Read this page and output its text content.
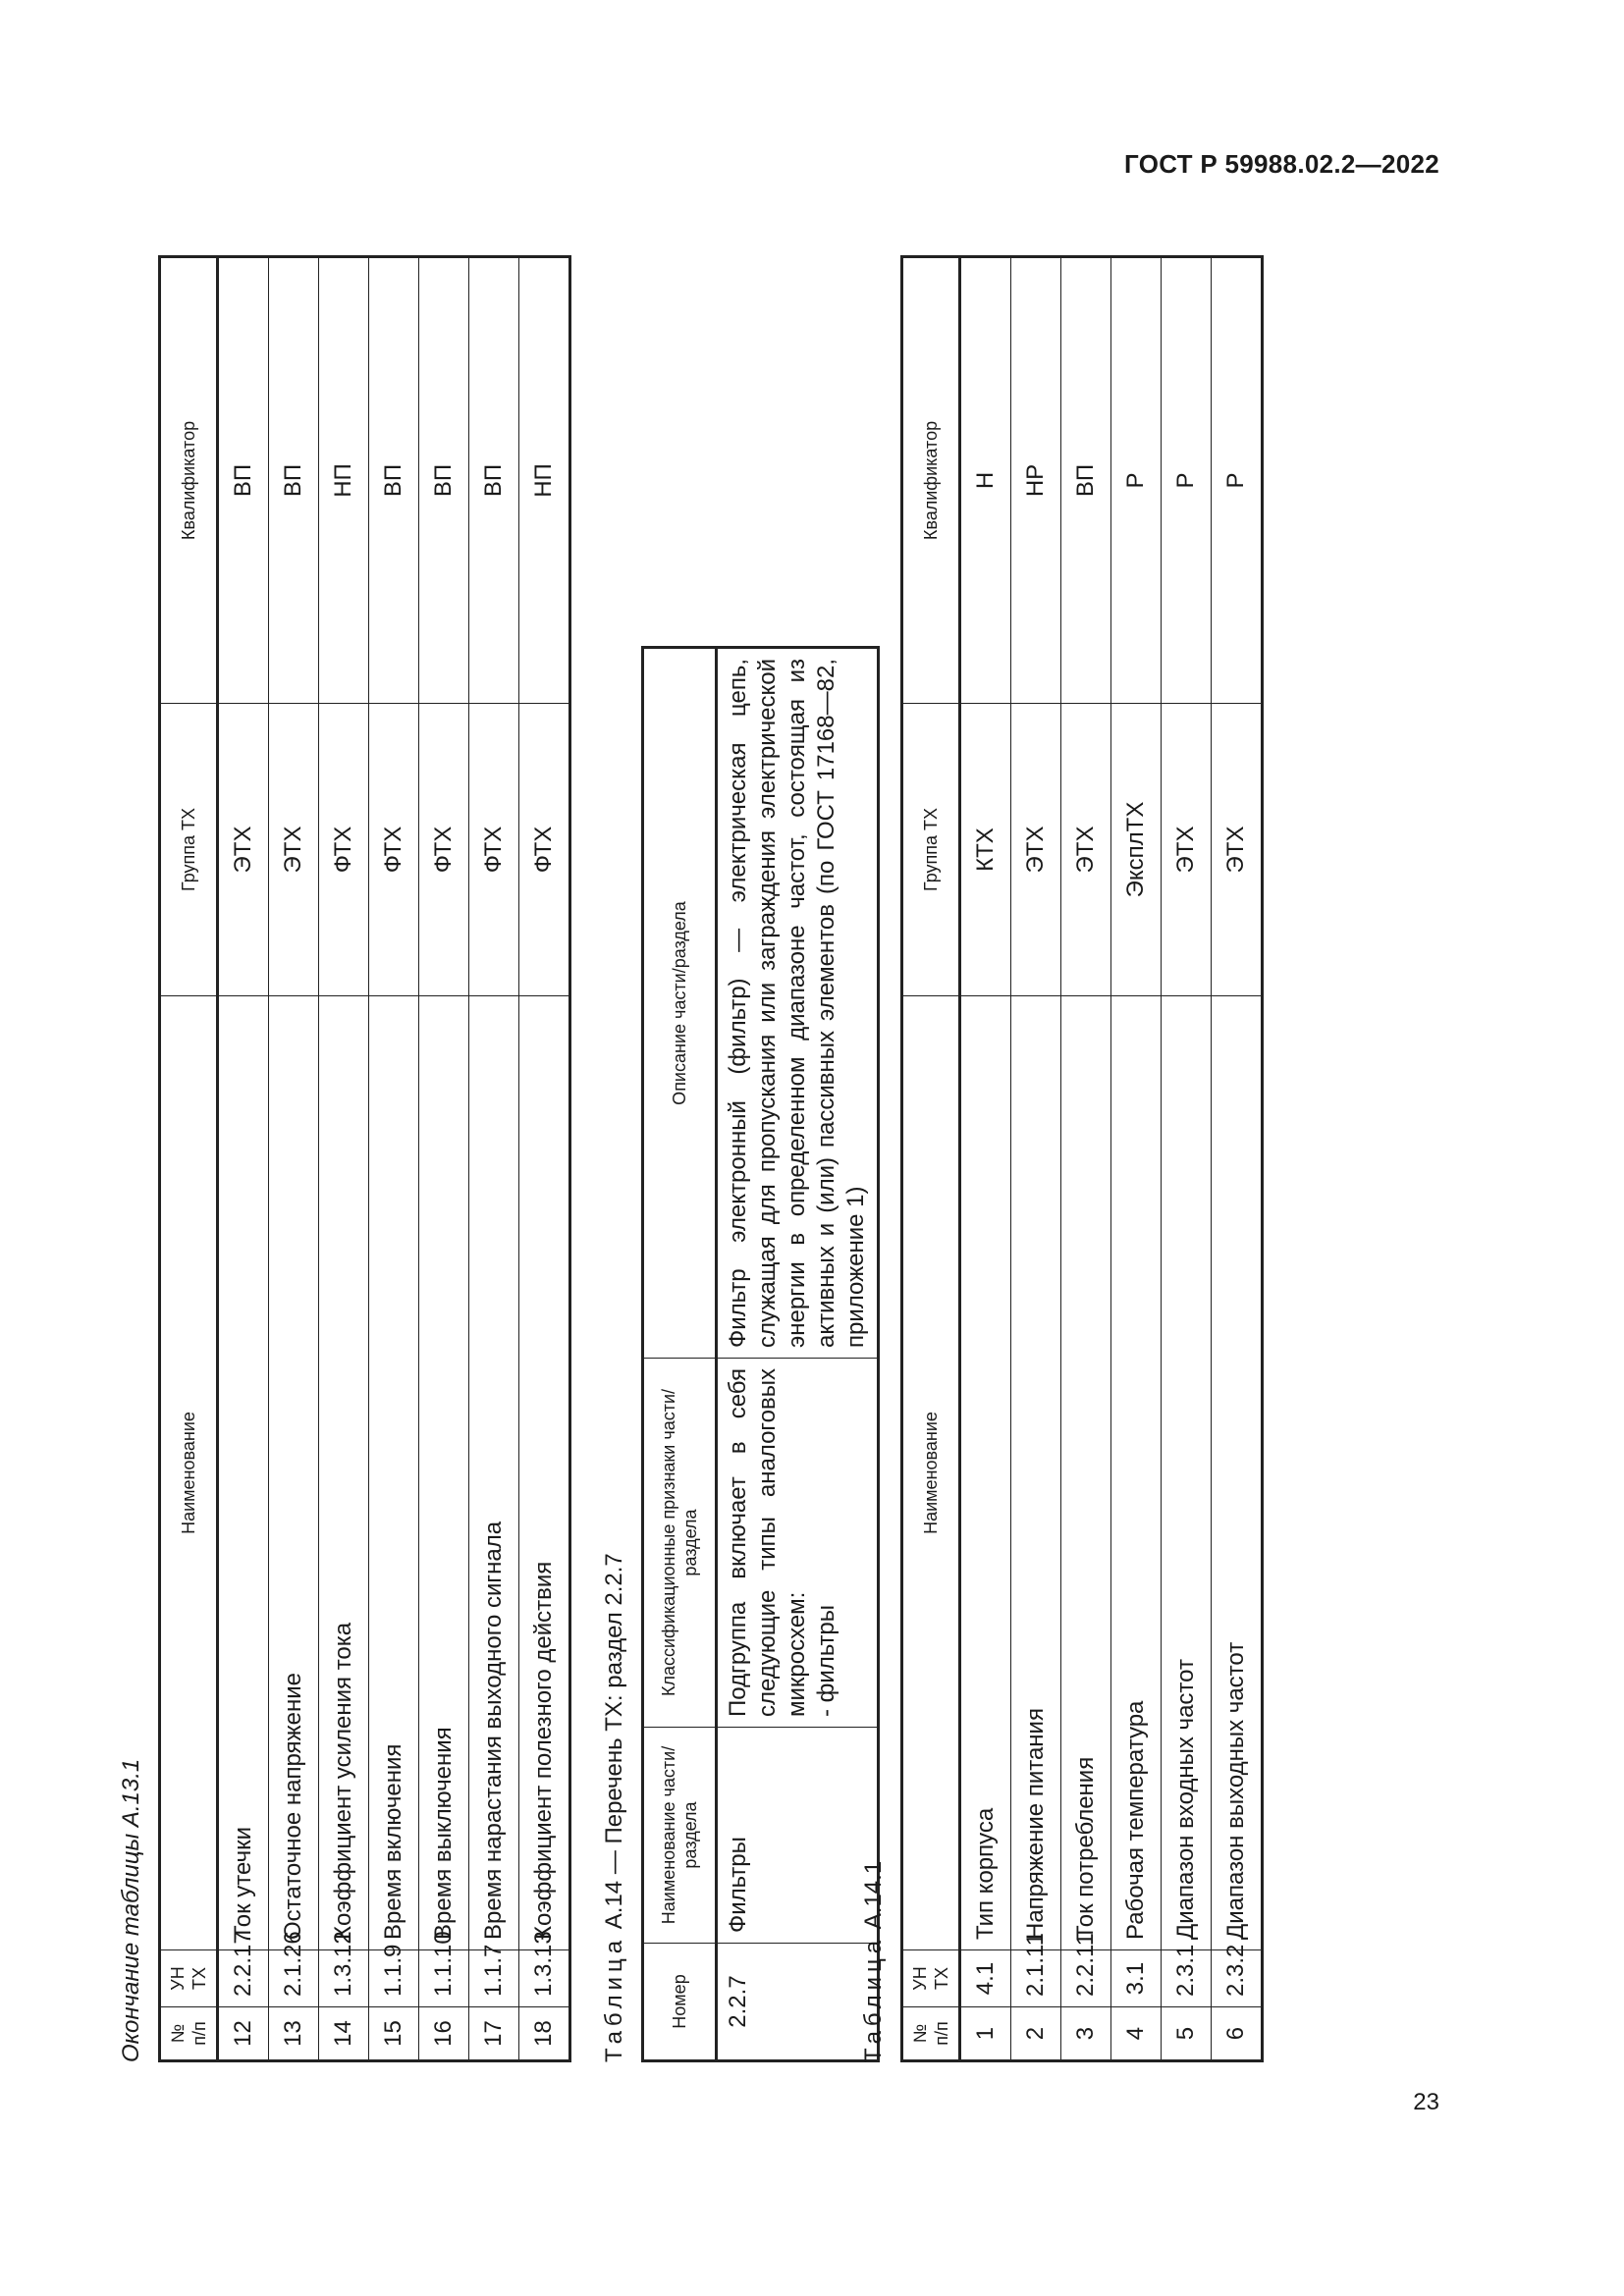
ГОСТ Р 59988.02.2—2022
Окончание таблицы А.13.1 № п/п	УН ТХ	Наименование	Группа ТХ	Квалификатор
12	2.2.17	Ток утечки	ЭТХ	ВП
13	2.1.26	Остаточное напряжение	ЭТХ	ВП
14	1.3.12	Коэффициент усиления тока	ФТХ	НП
15	1.1.9	Время включения	ФТХ	ВП
16	1.1.10	Время выключения	ФТХ	ВП
17	1.1.7	Время нарастания выходного сигнала	ФТХ	ВП
18	1.3.13	Коэффициент полезного действия	ФТХ	НП
Таблица А.14 — Перечень ТХ: раздел 2.2.7
Номер	Наименование части/раздела	Классификационные признаки части/раздела	Описание части/раздела
2.2.7	Фильтры	Подгруппа включает в себя следующие типы аналоговых микросхем: - фильтры	Фильтр электронный (фильтр) — электрическая цепь, служащая для пропускания или заграждения электрической энергии в определенном диапазоне частот, состоящая из активных и (или) пассивных элементов (по ГОСТ 17168—82, приложение 1)
Таблица А.14.1
№ п/п	УН ТХ	Наименование	Группа ТХ	Квалификатор
1	4.1	Тип корпуса	КТХ	Н
2	2.1.11	Напряжение питания	ЭТХ	НР
3	2.2.11	Ток потребления	ЭТХ	ВП
4	3.1	Рабочая температура	ЭксплТХ	Р
5	2.3.1	Диапазон входных частот	ЭТХ	Р
6	2.3.2	Диапазон выходных частот	ЭТХ	Р
23
